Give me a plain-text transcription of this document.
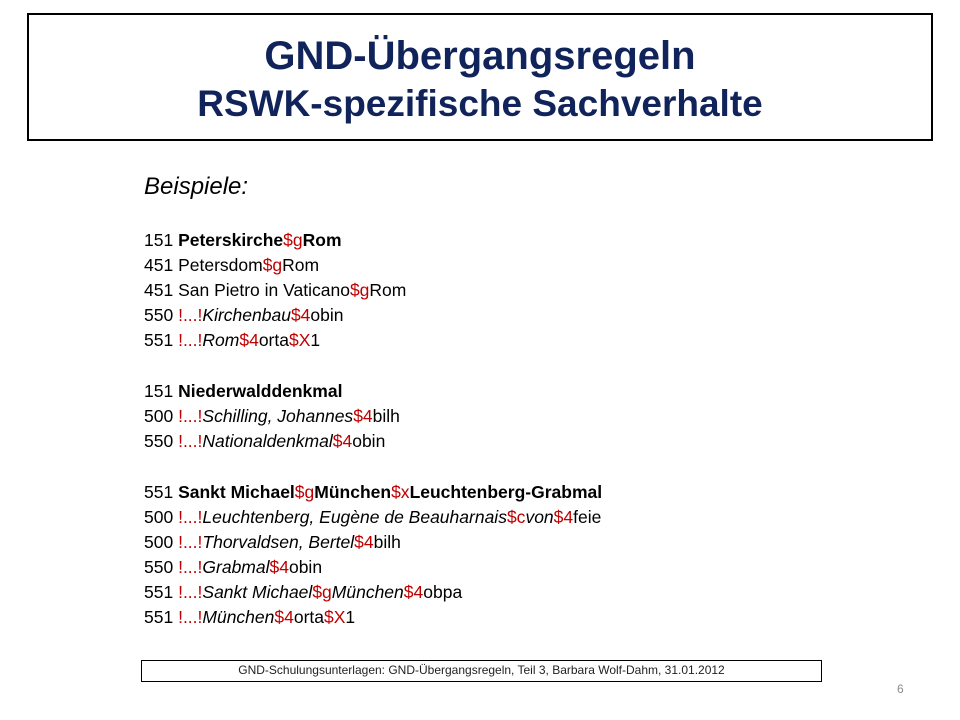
GND-Übergangsregeln
RSWK-spezifische Sachverhalte
Beispiele:
151 Peterskirche$gRom
451 Petersdom$gRom
451 San Pietro in Vaticano$gRom
550 !...!Kirchenbau$4obin
551 !...!Rom$4orta$X1
151 Niederwalddenkmal
500 !...!Schilling, Johannes$4bilh
550 !...!Nationaldenkmal$4obin
551 Sankt Michael$gMünchen$xLeuchtenberg-Grabmal
500 !...!Leuchtenberg, Eugène de Beauharnais$cvon$4feie
500 !...!Thorvaldsen, Bertel$4bilh
550 !...!Grabmal$4obin
551 !...!Sankt Michael$gMünchen$4obpa
551 !...!München$4orta$X1
GND-Schulungsunterlagen: GND-Übergangsregeln, Teil 3, Barbara Wolf-Dahm, 31.01.2012
6
